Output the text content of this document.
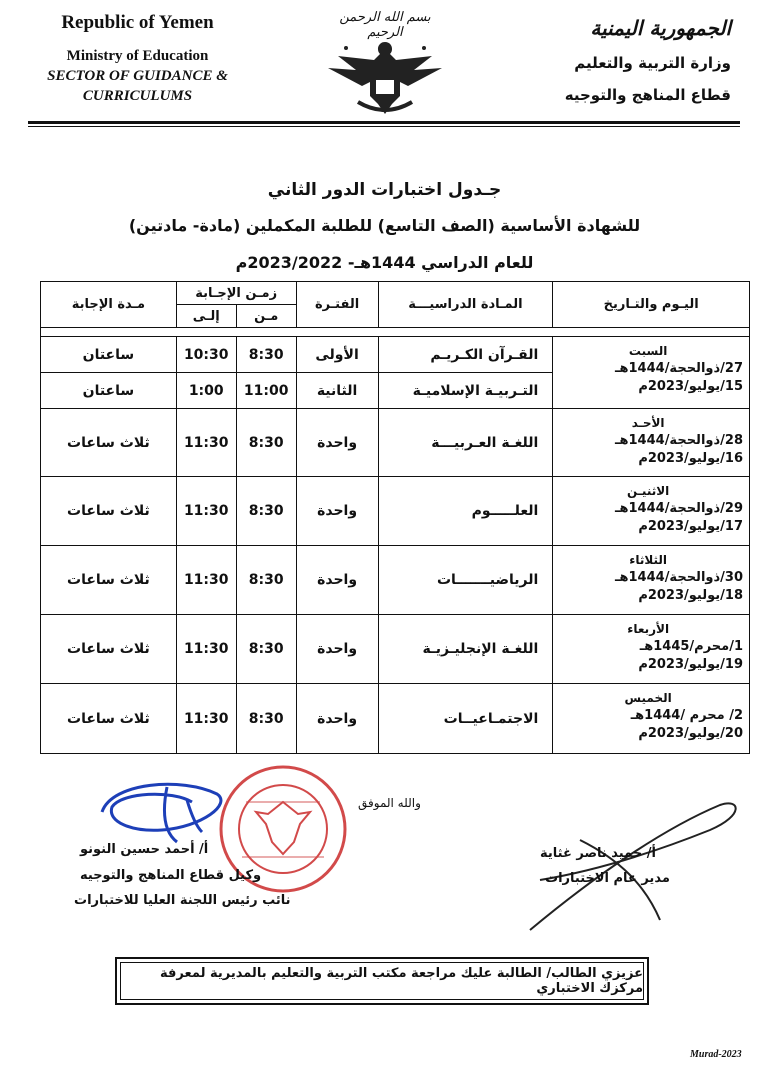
Republic of Yemen
Ministry of Education
SECTOR OF GUIDANCE &
CURRICULUMS
بسم الله الرحمن الرحيم	الجمهورية اليمنية
وزارة التربية والتعليم
قطاع المناهج والتوجيه
جـدول اختبارات الدور الثاني
للشهادة الأساسية (الصف التاسع) للطلبة المكملين (مادة- مادتين)
للعام الدراسي 1444هـ- 2023/2022م
اليـوم والتـاريخ	المـادة الدراسيـــة	الفتـرة	زمـن الإجـابة		مـدة الإجابة
			مـن	إلـى	

السبت
27/ذوالحجة/1444هـ
15/يوليو/2023م	القـرآن الكـريـم	الأولى	8:30	10:30	ساعتان
	التـربيـة الإسلاميـة	الثانية	11:00	1:00	ساعتان

الأحـد
28/ذوالحجة/1444هـ
16/يوليو/2023م	اللغـة العـربيـــة	واحدة	8:30	11:30	ثلاث ساعات

الاثنيـن
29/ذوالحجة/1444هـ
17/يوليو/2023م	العلـــــوم	واحدة	8:30	11:30	ثلاث ساعات

الثلاثاء
30/ذوالحجة/1444هـ
18/يوليو/2023م	الرياضيـــــــات	واحدة	8:30	11:30	ثلاث ساعات

الأربعاء
1/محرم/1445هـ
19/يوليو/2023م	اللغـة الإنجليـزيـة	واحدة	8:30	11:30	ثلاث ساعات

الخميس
2/ محرم /1444هـ
20/يوليو/2023م	الاجتمـاعيــات	واحدة	8:30	11:30	ثلاث ساعات
والله الموفق
أ/ أحمد حسين النونو
وكيل قطاع المناهج والتوجيه
نائب رئيس اللجنة العليا للاختبارات
أ/ حميد ناصر غثاية
مدير عام الاختبارات
عزيزي الطالب/ الطالبة عليك مراجعة مكتب التربية والتعليم بالمديرية لمعرفة مركزك الاختباري
Murad-2023
